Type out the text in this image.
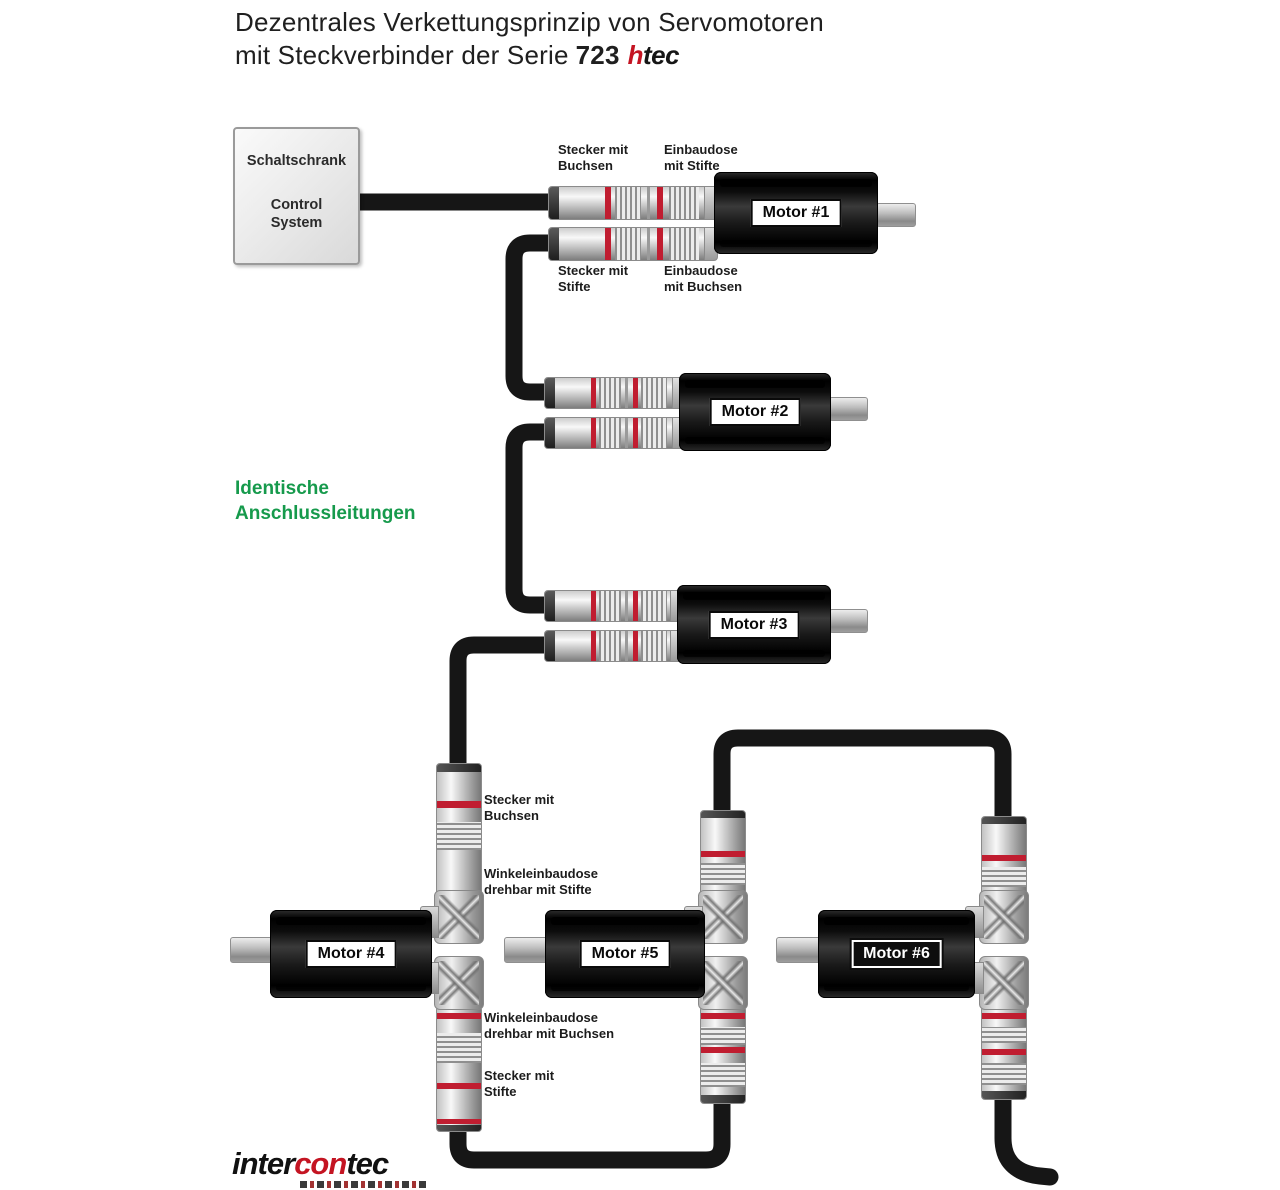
Dezentrales Verkettungsprinzip von Servomotoren
mit Steckverbinder der Serie 723 htec
Schaltschrank
Control
System
Identische
Anschlussleitungen
Motor #1
Motor #2
Motor #3
Motor #4	Motor #5	Motor #6
Stecker mit
Buchsen
Einbaudose
mit Stifte
Stecker mit
Stifte
Einbaudose
mit Buchsen
Stecker mit
Buchsen
Winkeleinbaudose
drehbar mit Stifte
Winkeleinbaudose
drehbar mit Buchsen
Stecker mit
Stifte
intercontec
